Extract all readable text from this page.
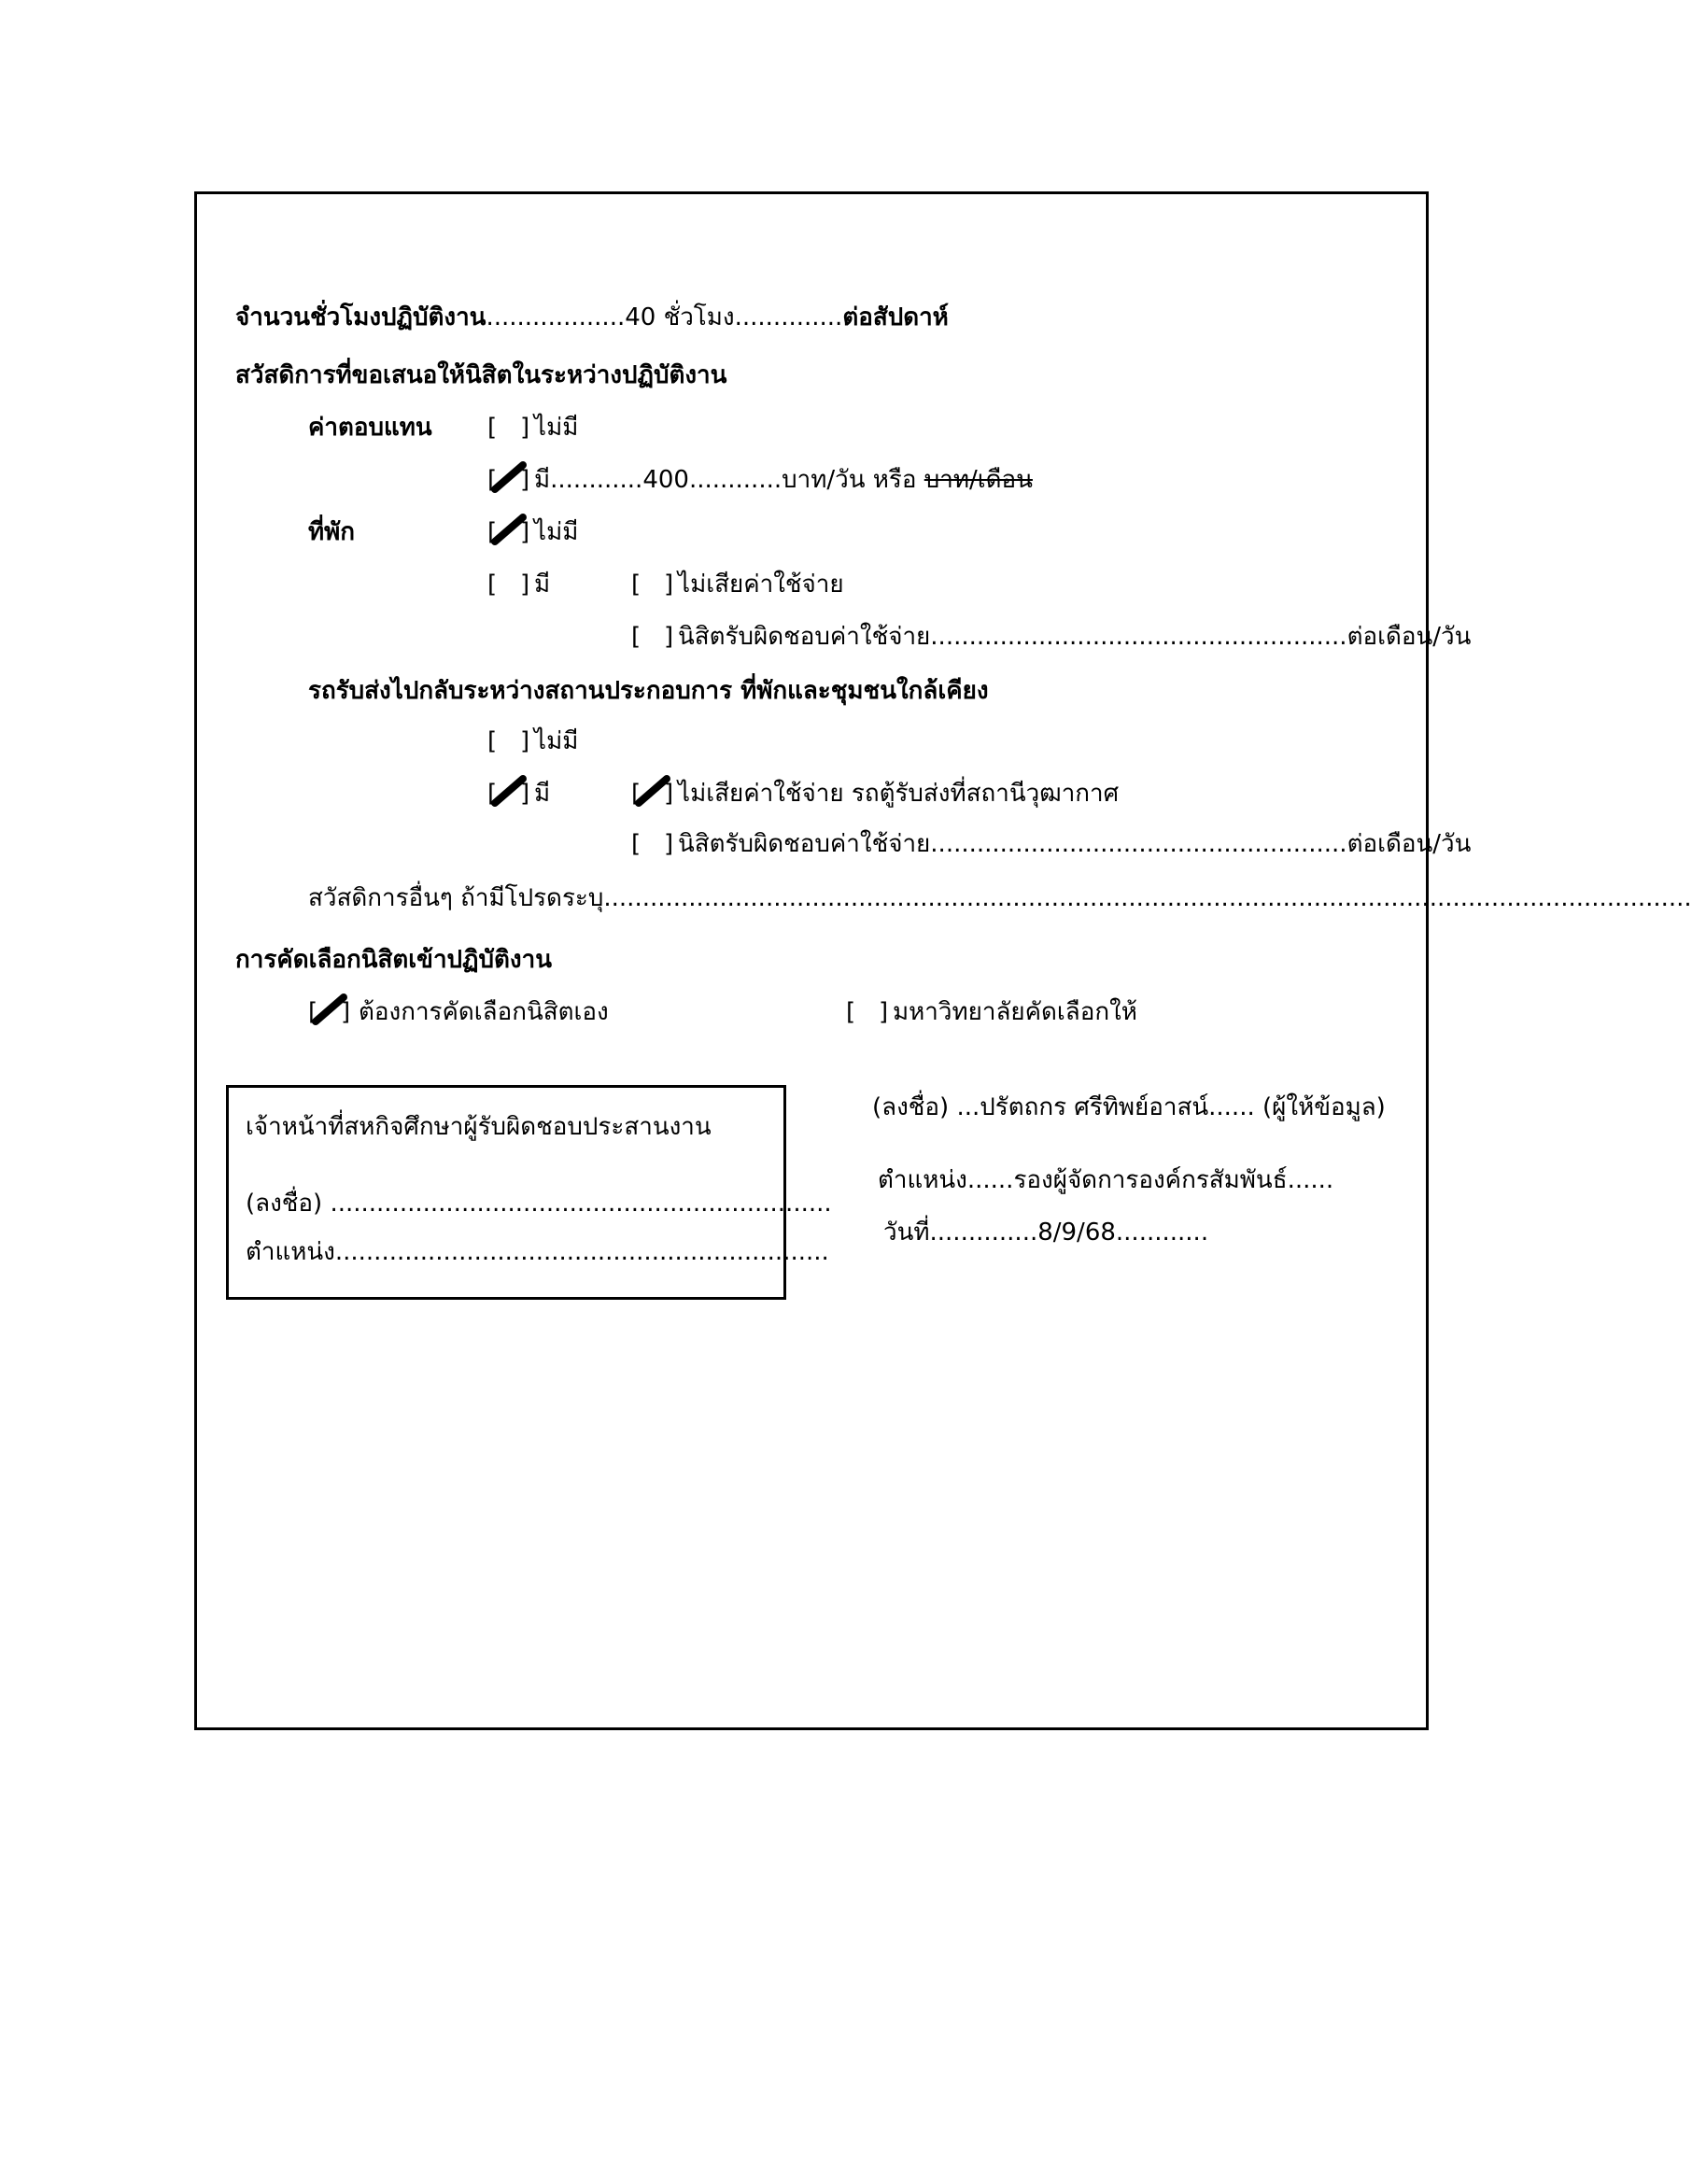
จำนวนชั่วโมงปฏิบัติงาน..................40 ชั่วโมง..............ต่อสัปดาห์
สวัสดิการที่ขอเสนอให้นิสิตในระหว่างปฏิบัติงาน
ค่าตอบแทน [ ] ไม่มี
[ ] มี............400............บาท/วัน หรือ บาท/เดือน
ที่พัก	[ ] ไม่มี
[ ] มี	[ ] ไม่เสียค่าใช้จ่าย
[ ] นิสิตรับผิดชอบค่าใช้จ่าย......................................................ต่อเดือน/วัน
รถรับส่งไปกลับระหว่างสถานประกอบการ ที่พักและชุมชนใกล้เคียง
[ ] ไม่มี
[ ] มี	[ ] ไม่เสียค่าใช้จ่าย รถตู้รับส่งที่สถานีวุฒากาศ
[ ] นิสิตรับผิดชอบค่าใช้จ่าย......................................................ต่อเดือน/วัน
สวัสดิการอื่นๆ ถ้ามีโปรดระบุ.............................................................................................................................................
การคัดเลือกนิสิตเข้าปฏิบัติงาน
[ ] ต้องการคัดเลือกนิสิตเอง	[ ] มหาวิทยาลัยคัดเลือกให้
เจ้าหน้าที่สหกิจศึกษาผู้รับผิดชอบประสานงาน
(ลงชื่อ) .................................................................
ตำแหน่ง................................................................
(ลงชื่อ) ...ปรัตถกร ศรีทิพย์อาสน์...... (ผู้ให้ข้อมูล)
ตำแหน่ง......รองผู้จัดการองค์กรสัมพันธ์......
วันที่..............8/9/68............
